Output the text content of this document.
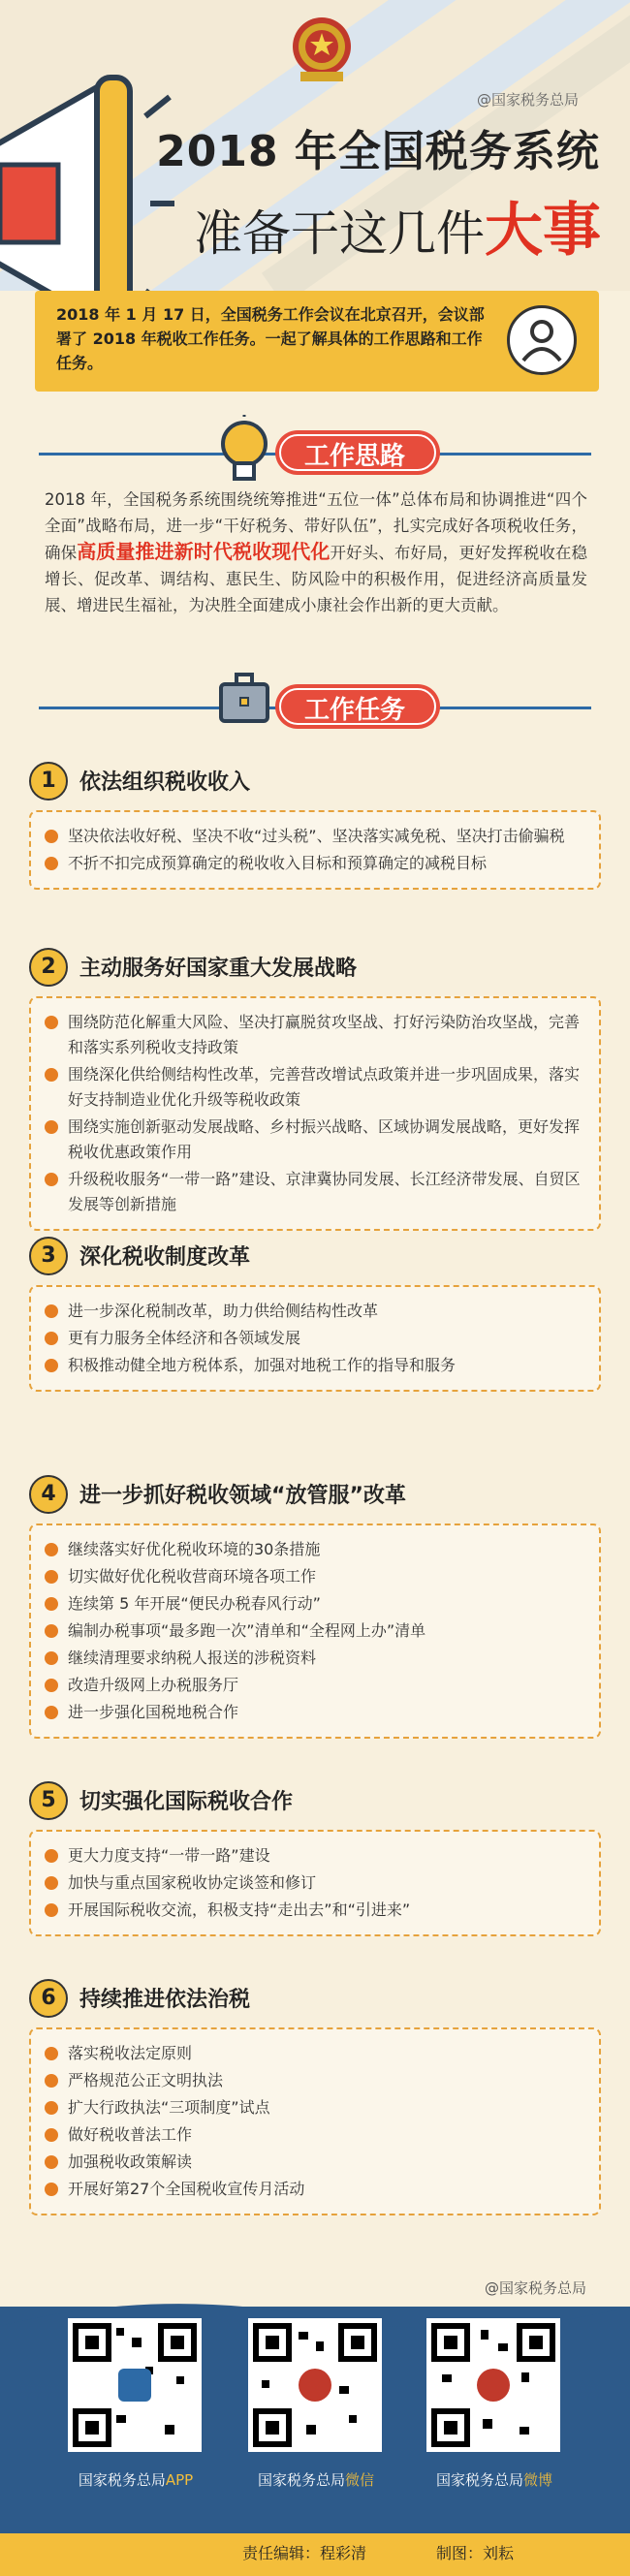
@国家税务总局
2018 年全国税务系统
准备干这几件大事
2018 年 1 月 17 日，全国税务工作会议在北京召开，会议部署了 2018 年税收工作任务。一起了解具体的工作思路和工作任务。
工作思路
2018 年，全国税务系统围绕统筹推进“五位一体”总体布局和协调推进“四个全面”战略布局，进一步“干好税务、带好队伍”，扎实完成好各项税收任务，确保高质量推进新时代税收现代化开好头、布好局，更好发挥税收在稳增长、促改革、调结构、惠民生、防风险中的积极作用，促进经济高质量发展、增进民生福祉，为决胜全面建成小康社会作出新的更大贡献。
工作任务
1	依法组织税收收入
坚决依法收好税、坚决不收“过头税”、坚决落实减免税、坚决打击偷骗税
不折不扣完成预算确定的税收收入目标和预算确定的减税目标
2	主动服务好国家重大发展战略
围绕防范化解重大风险、坚决打赢脱贫攻坚战、打好污染防治攻坚战，完善和落实系列税收支持政策
围绕深化供给侧结构性改革，完善营改增试点政策并进一步巩固成果，落实好支持制造业优化升级等税收政策
围绕实施创新驱动发展战略、乡村振兴战略、区域协调发展战略，更好发挥税收优惠政策作用
升级税收服务“一带一路”建设、京津冀协同发展、长江经济带发展、自贸区发展等创新措施
3	深化税收制度改革
进一步深化税制改革，助力供给侧结构性改革
更有力服务全体经济和各领域发展
积极推动健全地方税体系，加强对地税工作的指导和服务
4	进一步抓好税收领域“放管服”改革
继续落实好优化税收环境的30条措施
切实做好优化税收营商环境各项工作
连续第 5 年开展“便民办税春风行动”
编制办税事项“最多跑一次”清单和“全程网上办”清单
继续清理要求纳税人报送的涉税资料
改造升级网上办税服务厅
进一步强化国税地税合作
5	切实强化国际税收合作
更大力度支持“一带一路”建设
加快与重点国家税收协定谈签和修订
开展国际税收交流，积极支持“走出去”和“引进来”
6	持续推进依法治税
落实税收法定原则
严格规范公正文明执法
扩大行政执法“三项制度”试点
做好税收普法工作
加强税收政策解读
开展好第27个全国税收宣传月活动
@国家税务总局
国家税务总局APP	国家税务总局微信	国家税务总局微博
责任编辑：程彩清	制图：刘耘
